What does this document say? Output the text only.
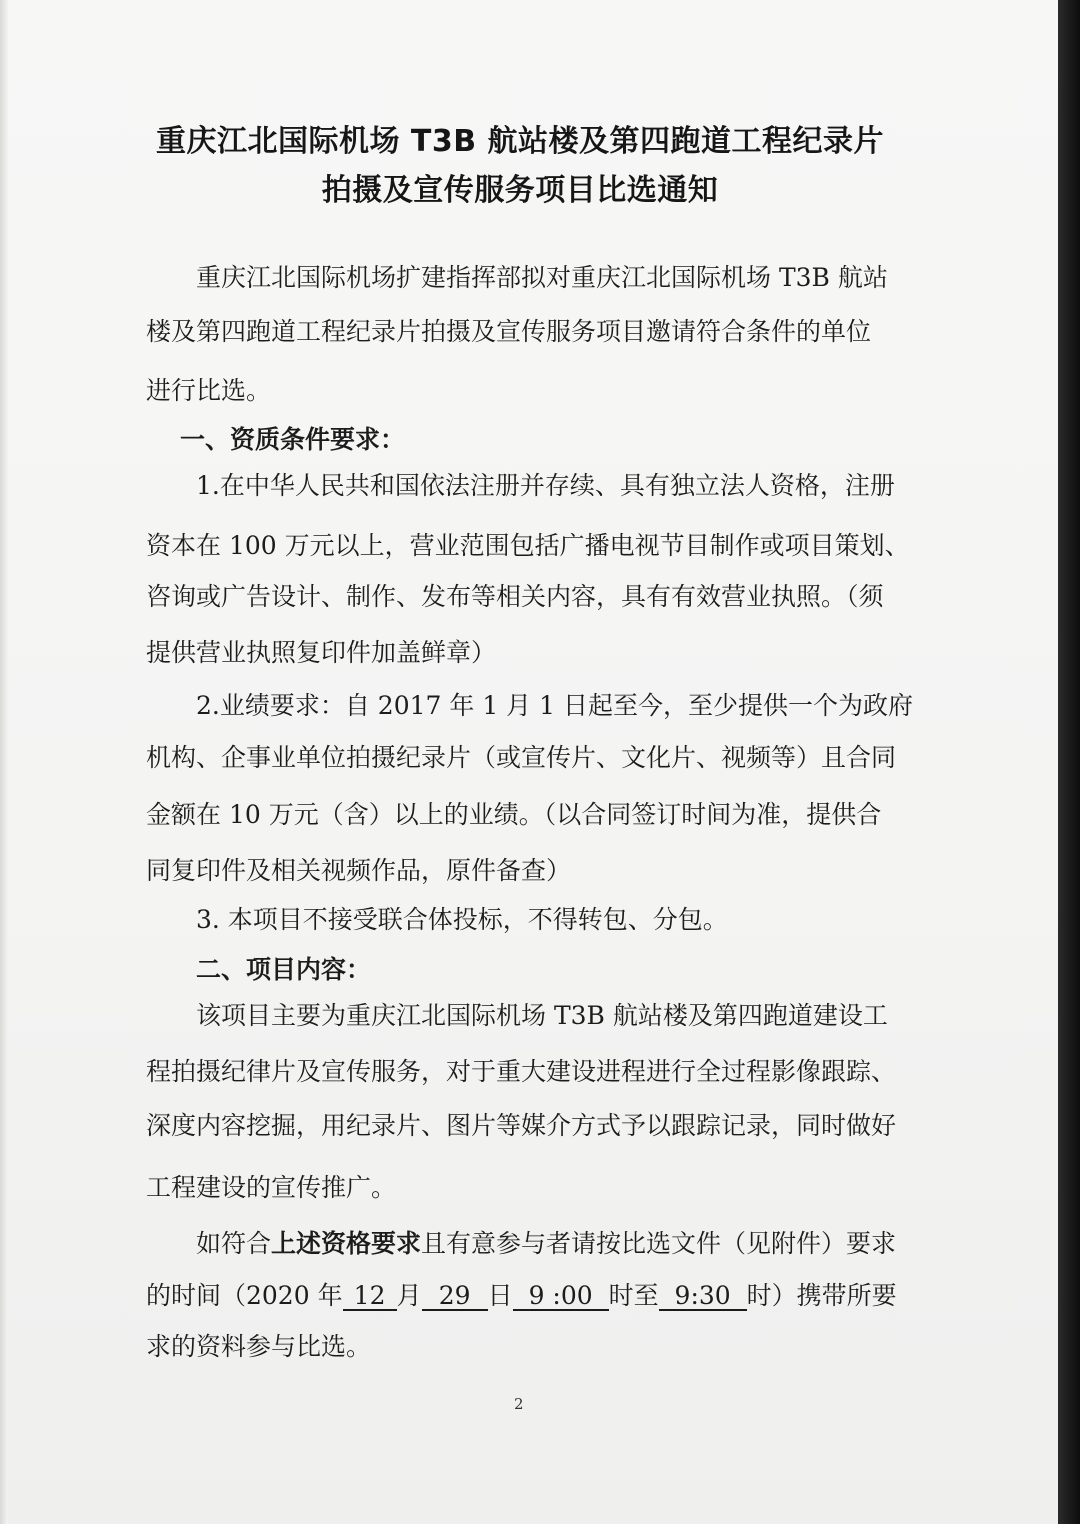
重庆江北国际机场 T3B 航站楼及第四跑道工程纪录片
拍摄及宣传服务项目比选通知
重庆江北国际机场扩建指挥部拟对重庆江北国际机场 T3B 航站
楼及第四跑道工程纪录片拍摄及宣传服务项目邀请符合条件的单位
进行比选。
一、资质条件要求：
1.在中华人民共和国依法注册并存续、具有独立法人资格，注册
资本在 100 万元以上，营业范围包括广播电视节目制作或项目策划、
咨询或广告设计、制作、发布等相关内容，具有有效营业执照。（须
提供营业执照复印件加盖鲜章）
2.业绩要求：自 2017 年 1 月 1 日起至今，至少提供一个为政府
机构、企事业单位拍摄纪录片（或宣传片、文化片、视频等）且合同
金额在 10 万元（含）以上的业绩。（以合同签订时间为准，提供合
同复印件及相关视频作品，原件备查）
3. 本项目不接受联合体投标，不得转包、分包。
二、项目内容：
该项目主要为重庆江北国际机场 T3B 航站楼及第四跑道建设工
程拍摄纪律片及宣传服务，对于重大建设进程进行全过程影像跟踪、
深度内容挖掘，用纪录片、图片等媒介方式予以跟踪记录，同时做好
工程建设的宣传推广。
如符合上述资格要求且有意参与者请按比选文件（见附件）要求
的时间（2020 年 12 月 29 日 9 :00 时至 9:30 时）携带所要
求的资料参与比选。
2
